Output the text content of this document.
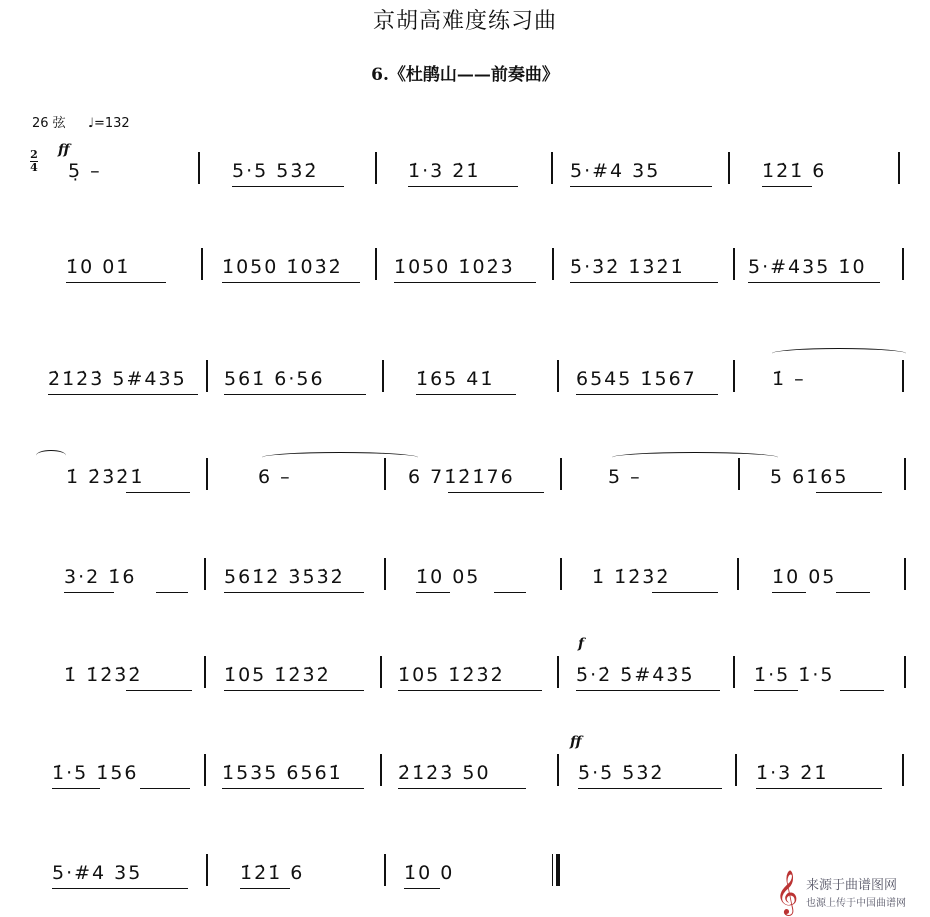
京胡高难度练习曲
6.《杜鹃山——前奏曲》
26 弦 ♩=132
2
4
ff
f
ff
5̣ –	5·5 53̇2̇	1̇·3 2̇1̇	5·#4 35	1̇2̇1̇ 6
1̇0 01̇	1̇050 1̇03̇2̇	1̇050 1̇02̇3̇	5̇·3̇2̇ 1̇3̇2̇1̇	5·#435 1̇0
2̇1̇2̇3̇ 5#435 561̇ 6·56	1̇65 41̇	6545 1̇567	1̇ –
1̇ 2̇3̇2̇1̇	6 –	6 71̇2̇1̇76	5 –	5 61̇65
3·2 1̇6	561̇2̇ 3̇5̇3̇2̇	1̇0 05	1̇ 1̇2̇3̇2̇	1̇0 05
1̇ 1̇2̇3̇2̇	1̇05 1̇2̇3̇2̇	1̇05 1̇2̇3̇2̇	5̇·2̇ 5̇#4̇3̇5̇	1̇·5 1̇·5
1̇·5 1̇56	1̇535 6561̇	2̇1̇2̇3̇ 5̇0	5̇·5̇ 5̇3̇2̇	1̇·3 2̇1̇
5·#4 35	1̇2̇1̇ 6	1̇0 0	𝄞 来源于曲谱图网
也源上传于中国曲谱网
